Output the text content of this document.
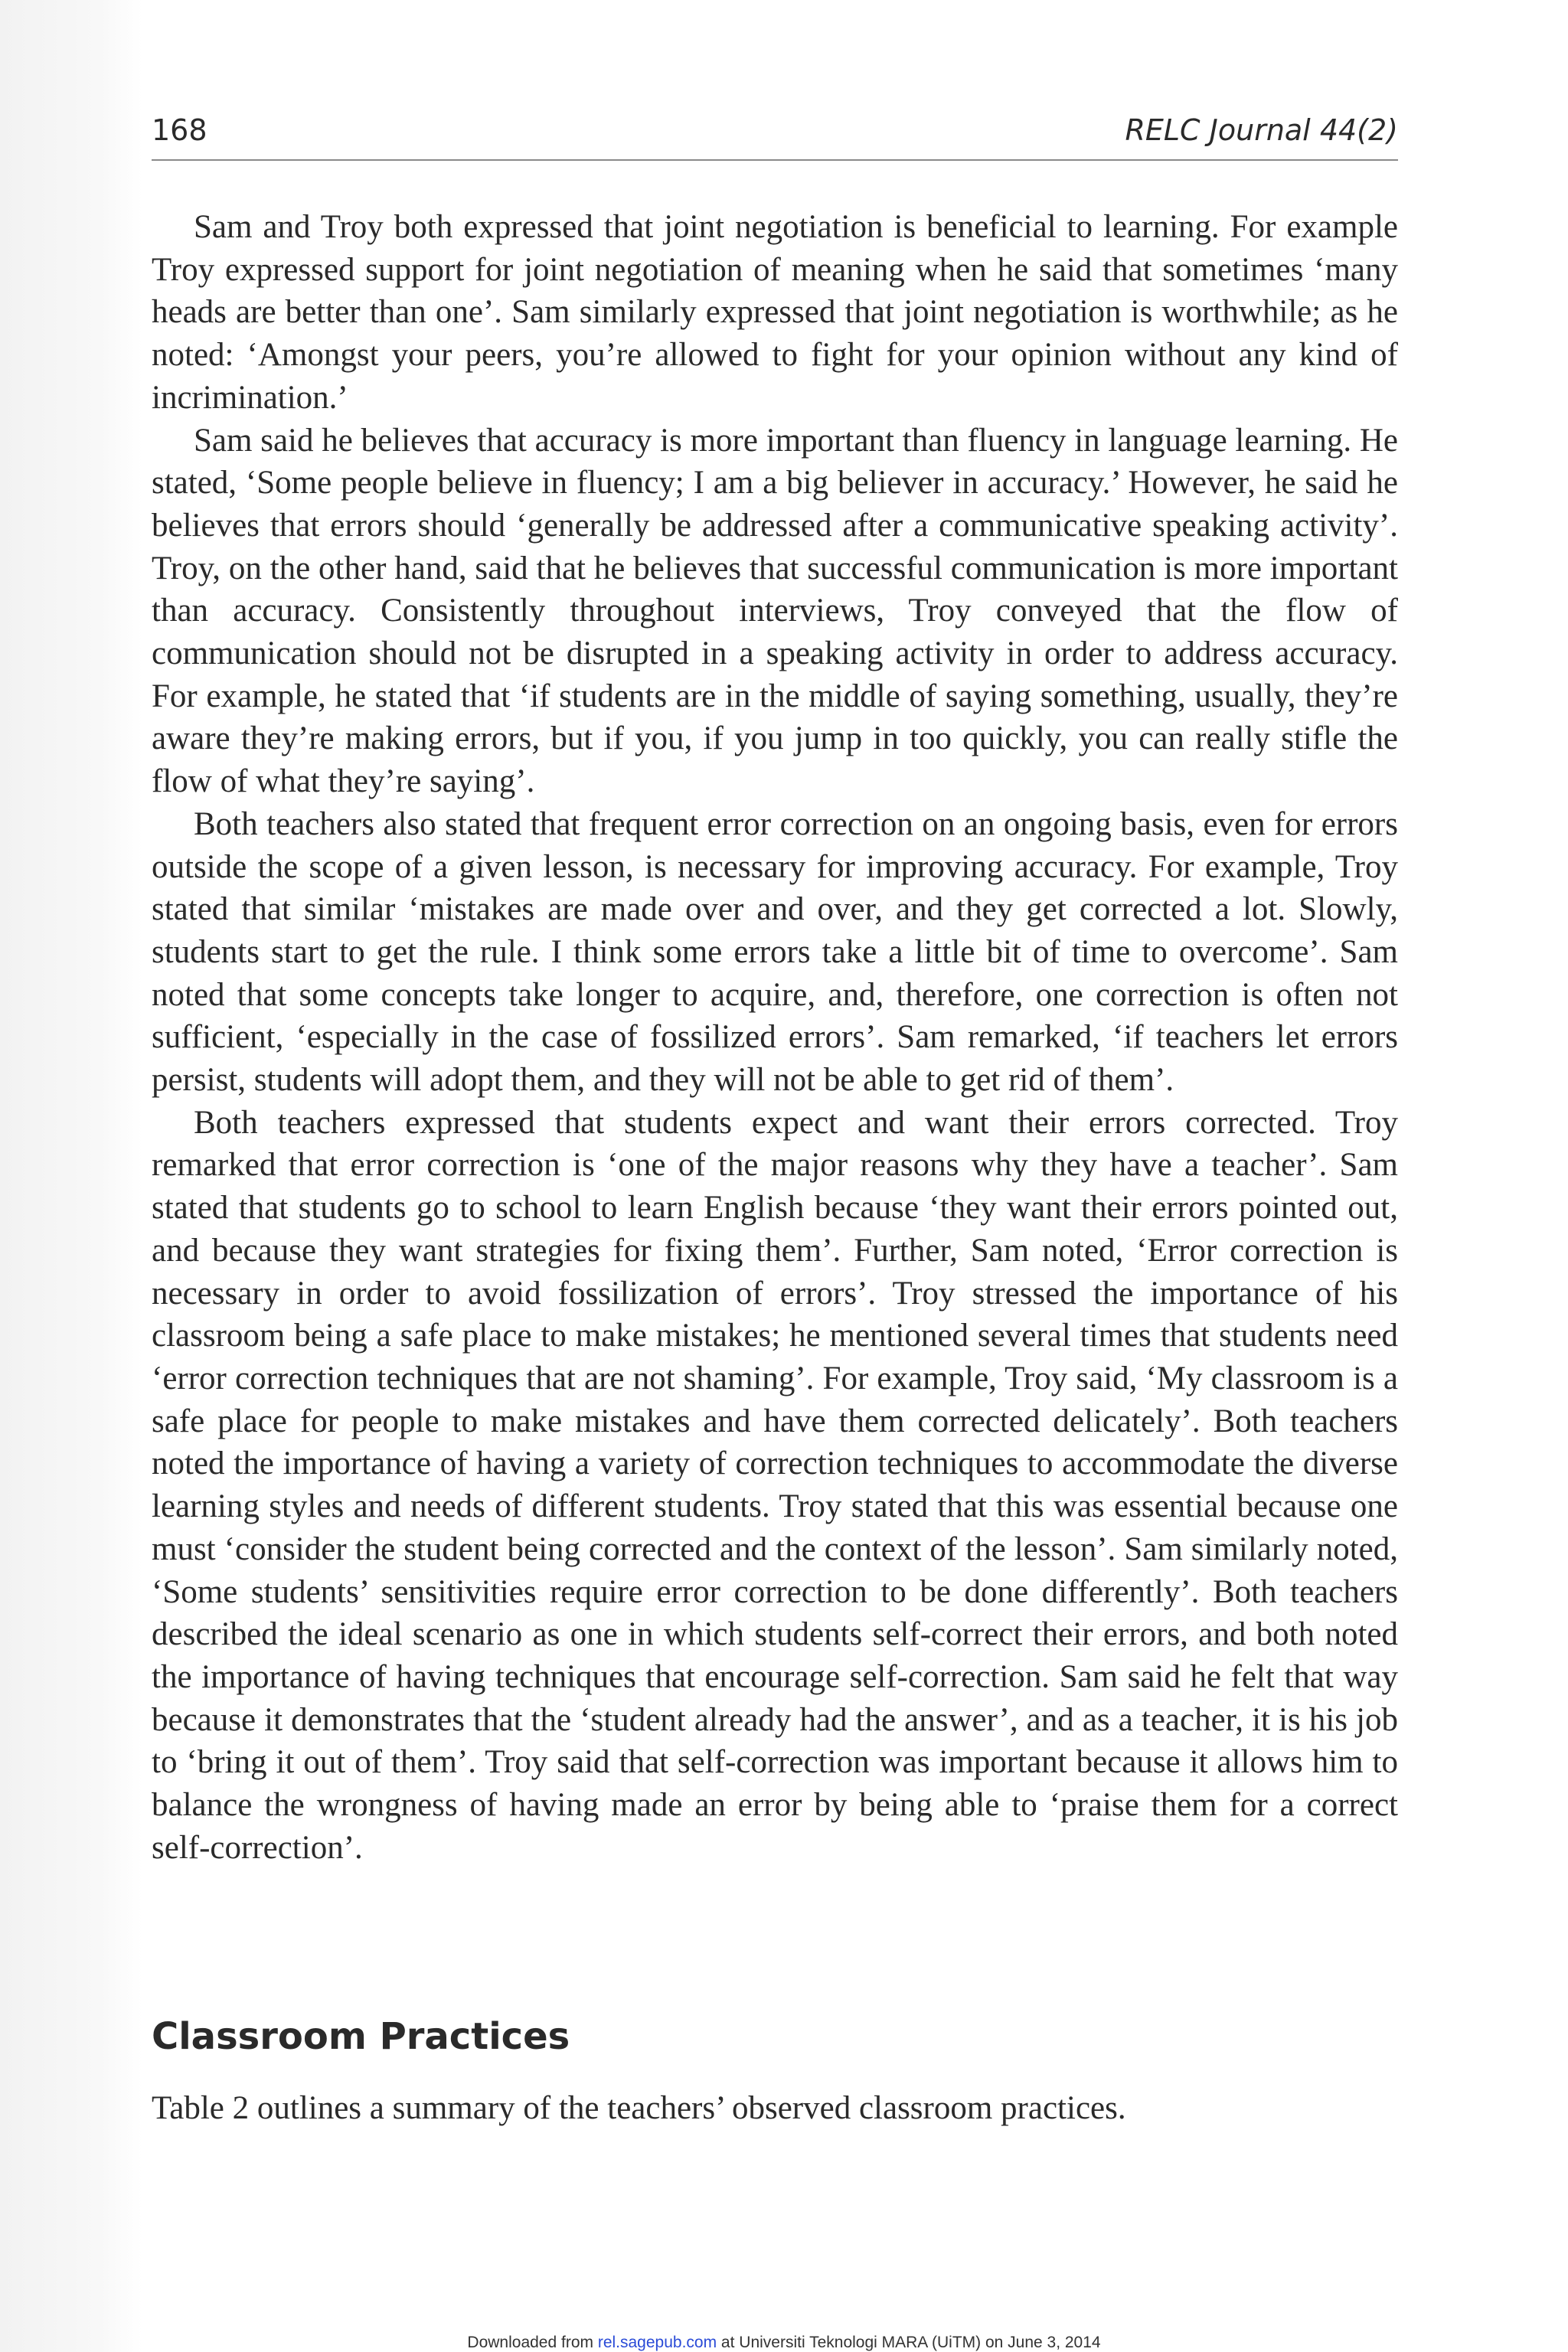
168	RELC Journal 44(2)

Sam and Troy both expressed that joint negotiation is beneficial to learning. For example Troy expressed support for joint negotiation of meaning when he said that sometimes ‘many heads are better than one’. Sam similarly expressed that joint negotiation is worthwhile; as he noted: ‘Amongst your peers, you’re allowed to fight for your opinion without any kind of incrimination.’

Sam said he believes that accuracy is more important than fluency in language learning. He stated, ‘Some people believe in fluency; I am a big believer in accuracy.’ However, he said he believes that errors should ‘generally be addressed after a communicative speaking activity’. Troy, on the other hand, said that he believes that successful communication is more important than accuracy. Consistently throughout interviews, Troy conveyed that the flow of communication should not be disrupted in a speaking activity in order to address accuracy. For example, he stated that ‘if students are in the middle of saying something, usually, they’re aware they’re making errors, but if you, if you jump in too quickly, you can really stifle the flow of what they’re saying’.

Both teachers also stated that frequent error correction on an ongoing basis, even for errors outside the scope of a given lesson, is necessary for improving accuracy. For example, Troy stated that similar ‘mistakes are made over and over, and they get corrected a lot. Slowly, students start to get the rule. I think some errors take a little bit of time to overcome’. Sam noted that some concepts take longer to acquire, and, therefore, one correction is often not sufficient, ‘especially in the case of fossilized errors’. Sam remarked, ‘if teachers let errors persist, students will adopt them, and they will not be able to get rid of them’.

Both teachers expressed that students expect and want their errors corrected. Troy remarked that error correction is ‘one of the major reasons why they have a teacher’. Sam stated that students go to school to learn English because ‘they want their errors pointed out, and because they want strategies for fixing them’. Further, Sam noted, ‘Error correction is necessary in order to avoid fossilization of errors’. Troy stressed the importance of his classroom being a safe place to make mistakes; he mentioned several times that students need ‘error correction techniques that are not shaming’. For example, Troy said, ‘My classroom is a safe place for people to make mistakes and have them corrected delicately’. Both teachers noted the importance of having a variety of correction techniques to accommodate the diverse learning styles and needs of different students. Troy stated that this was essential because one must ‘consider the student being corrected and the context of the lesson’. Sam similarly noted, ‘Some students’ sensitivities require error correction to be done differently’. Both teachers described the ideal scenario as one in which students self-correct their errors, and both noted the importance of having techniques that encourage self-correction. Sam said he felt that way because it demonstrates that the ‘student already had the answer’, and as a teacher, it is his job to ‘bring it out of them’. Troy said that self-correction was important because it allows him to balance the wrongness of having made an error by being able to ‘praise them for a correct self-correction’.

Classroom Practices

Table 2 outlines a summary of the teachers’ observed classroom practices.

Downloaded from rel.sagepub.com at Universiti Teknologi MARA (UiTM) on June 3, 2014
